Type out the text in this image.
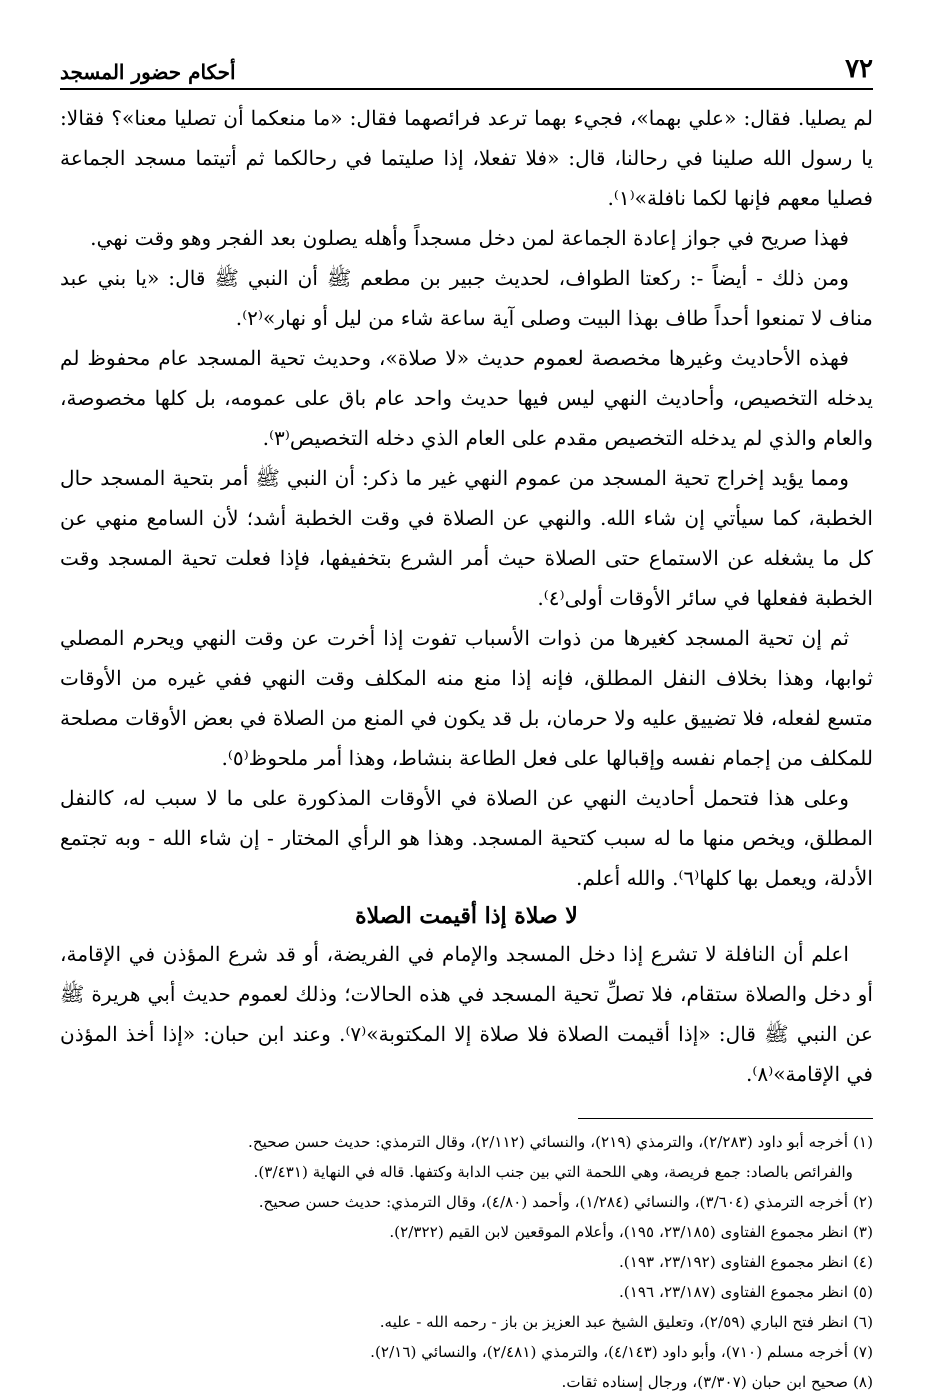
٧٢
أحكام حضور المسجد

لم يصليا. فقال: «علي بهما»، فجيء بهما ترعد فرائصهما فقال: «ما منعكما أن تصليا معنا»؟ فقالا: يا رسول الله صلينا في رحالنا، قال: «فلا تفعلا، إذا صليتما في رحالكما ثم أتيتما مسجد الجماعة فصليا معهم فإنها لكما نافلة»⁽١⁾.

فهذا صريح في جواز إعادة الجماعة لمن دخل مسجداً وأهله يصلون بعد الفجر وهو وقت نهي.

ومن ذلك - أيضاً -: ركعتا الطواف، لحديث جبير بن مطعم ﷺ أن النبي ﷺ قال: «يا بني عبد مناف لا تمنعوا أحداً طاف بهذا البيت وصلى آية ساعة شاء من ليل أو نهار»⁽٢⁾.

فهذه الأحاديث وغيرها مخصصة لعموم حديث «لا صلاة»، وحديث تحية المسجد عام محفوظ لم يدخله التخصيص، وأحاديث النهي ليس فيها حديث واحد عام باق على عمومه، بل كلها مخصوصة، والعام والذي لم يدخله التخصيص مقدم على العام الذي دخله التخصيص⁽٣⁾.

ومما يؤيد إخراج تحية المسجد من عموم النهي غير ما ذكر: أن النبي ﷺ أمر بتحية المسجد حال الخطبة، كما سيأتي إن شاء الله. والنهي عن الصلاة في وقت الخطبة أشد؛ لأن السامع منهي عن كل ما يشغله عن الاستماع حتى الصلاة حيث أمر الشرع بتخفيفها، فإذا فعلت تحية المسجد وقت الخطبة ففعلها في سائر الأوقات أولى⁽٤⁾.

ثم إن تحية المسجد كغيرها من ذوات الأسباب تفوت إذا أخرت عن وقت النهي ويحرم المصلي ثوابها، وهذا بخلاف النفل المطلق، فإنه إذا منع منه المكلف وقت النهي ففي غيره من الأوقات متسع لفعله، فلا تضييق عليه ولا حرمان، بل قد يكون في المنع من الصلاة في بعض الأوقات مصلحة للمكلف من إجمام نفسه وإقبالها على فعل الطاعة بنشاط، وهذا أمر ملحوظ⁽٥⁾.

وعلى هذا فتحمل أحاديث النهي عن الصلاة في الأوقات المذكورة على ما لا سبب له، كالنفل المطلق، ويخص منها ما له سبب كتحية المسجد. وهذا هو الرأي المختار - إن شاء الله - وبه تجتمع الأدلة، ويعمل بها كلها⁽٦⁾. والله أعلم.

لا صلاة إذا أقيمت الصلاة

اعلم أن النافلة لا تشرع إذا دخل المسجد والإمام في الفريضة، أو قد شرع المؤذن في الإقامة، أو دخل والصلاة ستقام، فلا تصلِّ تحية المسجد في هذه الحالات؛ وذلك لعموم حديث أبي هريرة ﷺ عن النبي ﷺ قال: «إذا أقيمت الصلاة فلا صلاة إلا المكتوبة»⁽٧⁾. وعند ابن حبان: «إذا أخذ المؤذن في الإقامة»⁽٨⁾.

(١) أخرجه أبو داود (٢/٢٨٣)، والترمذي (٢١٩)، والنسائي (٢/١١٢)، وقال الترمذي: حديث حسن صحيح.

والفرائص بالصاد: جمع فريصة، وهي اللحمة التي بين جنب الدابة وكتفها. قاله في النهاية (٣/٤٣١).

(٢) أخرجه الترمذي (٣/٦٠٤)، والنسائي (١/٢٨٤)، وأحمد (٤/٨٠)، وقال الترمذي: حديث حسن صحيح.

(٣) انظر مجموع الفتاوى (٢٣/١٨٥، ١٩٥)، وأعلام الموقعين لابن القيم (٢/٣٢٢).

(٤) انظر مجموع الفتاوى (٢٣/١٩٢، ١٩٣).

(٥) انظر مجموع الفتاوى (٢٣/١٨٧، ١٩٦).

(٦) انظر فتح الباري (٢/٥٩)، وتعليق الشيخ عبد العزيز بن باز - رحمه الله - عليه.

(٧) أخرجه مسلم (٧١٠)، وأبو داود (٤/١٤٣)، والترمذي (٢/٤٨١)، والنسائي (٢/١٦).

(٨) صحيح ابن حبان (٣/٣٠٧)، ورجال إسناده ثقات.
